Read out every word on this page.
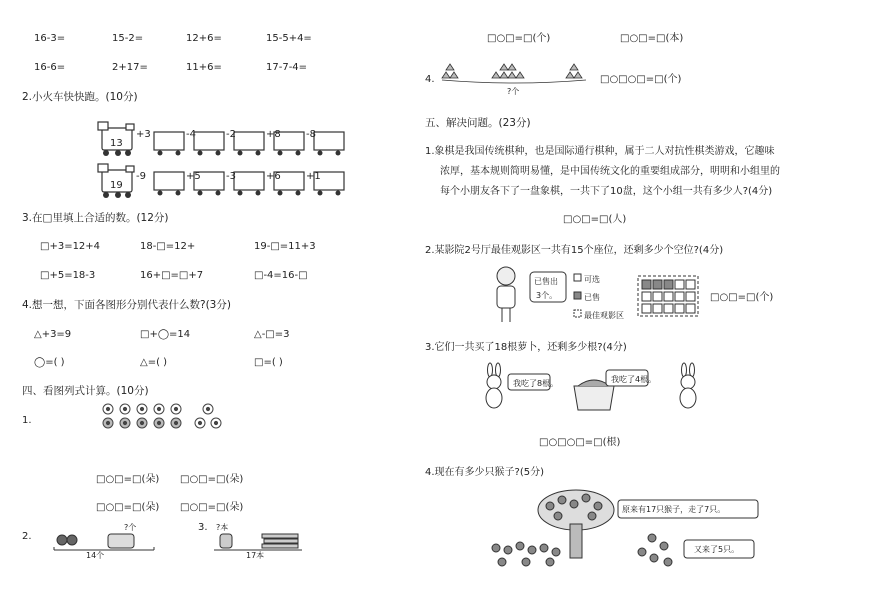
16-3=	15-2=	12+6=	15-5+4=
16-6=	2+17=	11+6=	17-7-4=
2.小火车快快跑。(10分)
13
+3	-4	-2	+8	-8
19
-9	+5	-3	+6	+1
3.在□里填上合适的数。(12分)
□+3=12+4	18-□=12+	19-□=11+3
□+5=18-3	16+□=□+7	□-4=16-□
4.想一想，下面各图形分别代表什么数?(3分)
△+3=9	□+◯=14	△-□=3
◯=( )	△=( )	□=( )
四、看图列式计算。(10分)
1.
□○□=□(朵) □○□=□(朵)
□○□=□(朵) □○□=□(朵)
2.
?个
14个
3. ?本
17本
□○□=□(个)	□○□=□(本)
4.
?个
□○□○□=□(个)
五、解决问题。(23分)
1.象棋是我国传统棋种，也是国际通行棋种，属于二人对抗性棋类游戏，它趣味
浓厚，基本规则简明易懂，是中国传统文化的重要组成部分，明明和小组里的
每个小朋友各下了一盘象棋，一共下了10盘，这个小组一共有多少人?(4分)
□○□=□(人)
2.某影院2号厅最佳观影区一共有15个座位，还剩多少个空位?(4分)
已售出
3个。
可选
已售
最佳观影区
□○□=□(个)
3.它们一共买了18根萝卜，还剩多少根?(4分)
我吃了8根。	我吃了4根。
□○□○□=□(根)
4.现在有多少只猴子?(5分)
原来有17只猴子，走了7只。
又来了5只。
